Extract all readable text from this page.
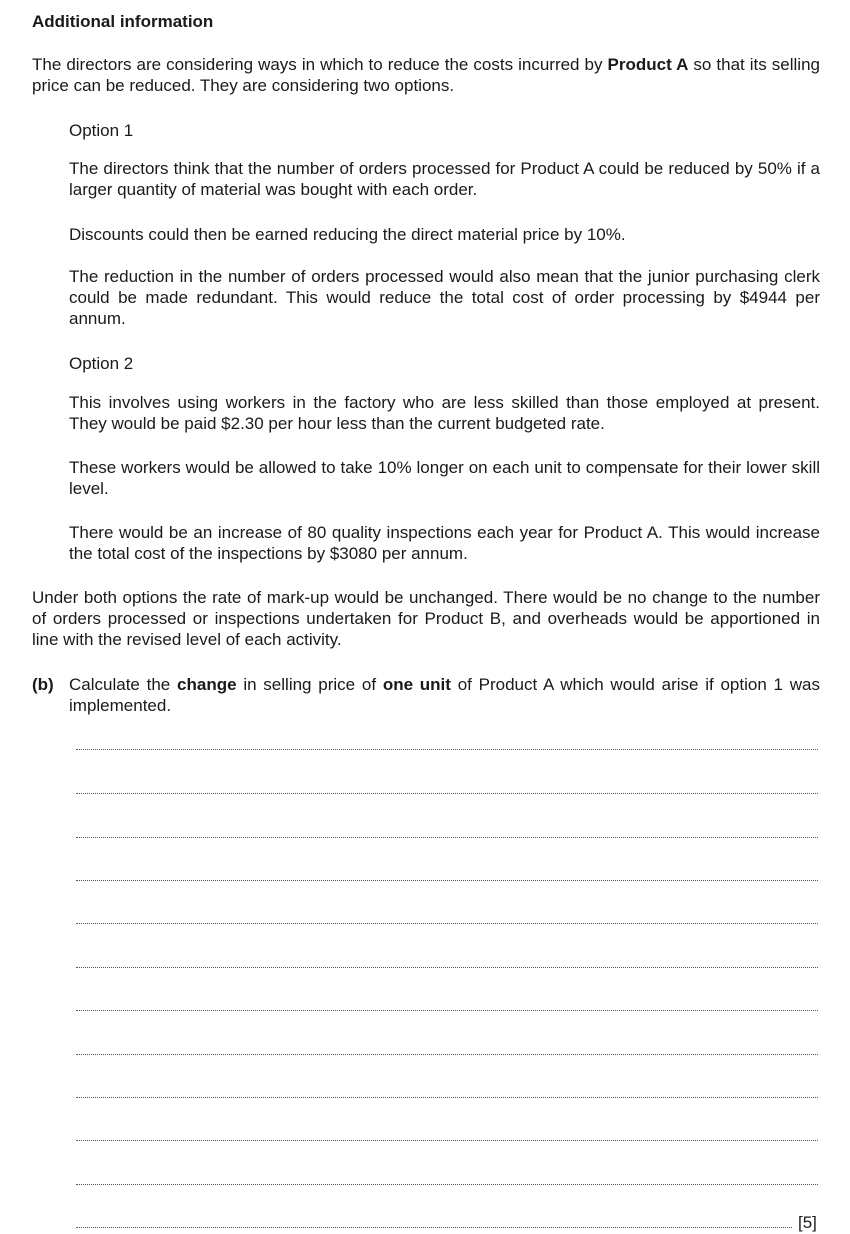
Additional information
The directors are considering ways in which to reduce the costs incurred by Product A so that its selling price can be reduced. They are considering two options.
Option 1
The directors think that the number of orders processed for Product A could be reduced by 50% if a larger quantity of material was bought with each order.
Discounts could then be earned reducing the direct material price by 10%.
The reduction in the number of orders processed would also mean that the junior purchasing clerk could be made redundant. This would reduce the total cost of order processing by $4944 per annum.
Option 2
This involves using workers in the factory who are less skilled than those employed at present. They would be paid $2.30 per hour less than the current budgeted rate.
These workers would be allowed to take 10% longer on each unit to compensate for their lower skill level.
There would be an increase of 80 quality inspections each year for Product A. This would increase the total cost of the inspections by $3080 per annum.
Under both options the rate of mark-up would be unchanged. There would be no change to the number of orders processed or inspections undertaken for Product B, and overheads would be apportioned in line with the revised level of each activity.
(b) Calculate the change in selling price of one unit of Product A which would arise if option 1 was implemented.
[5]
